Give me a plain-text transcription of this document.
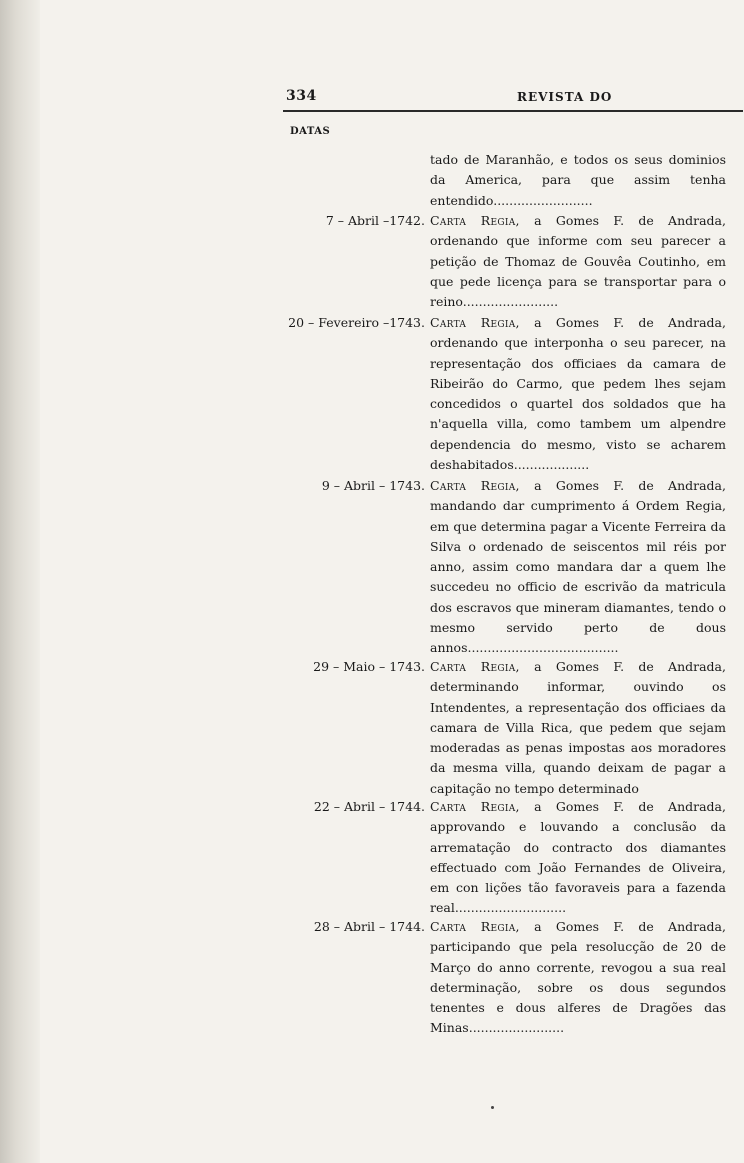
334	REVISTA DO
DATAS
tado de Maranhão, e todos os seus dominios da America, para que assim tenha entendido.........................
7 – Abril –1742. Carta Regia, a Gomes F. de Andrada, ordenando que informe com seu parecer a petição de Thomaz de Gouvêa Coutinho, em que pede licença para se transportar para o reino........................
20 – Fevereiro –1743. Carta Regia, a Gomes F. de Andrada, ordenando que interponha o seu parecer, na representação dos officiaes da camara de Ribeirão do Carmo, que pedem lhes sejam concedidos o quartel dos soldados que ha n'aquella villa, como tambem um alpendre dependencia do mesmo, visto se acharem deshabitados...................
9 – Abril – 1743. Carta Regia, a Gomes F. de Andrada, mandando dar cumprimento á Ordem Regia, em que determina pagar a Vicente Ferreira da Silva o ordenado de seiscentos mil réis por anno, assim como mandara dar a quem lhe succedeu no officio de escrivão da matricula dos escravos que mineram diamantes, tendo o mesmo servido perto de dous annos......................................
29 – Maio – 1743. Carta Regia, a Gomes F. de Andrada, determinando informar, ouvindo os Intendentes, a representação dos officiaes da camara de Villa Rica, que pedem que sejam moderadas as penas impostas aos moradores da mesma villa, quando deixam de pagar a capitação no tempo determinado
22 – Abril – 1744. Carta Regia, a Gomes F. de Andrada, approvando e louvando a conclusão da arrematação do contracto dos diamantes effectuado com João Fernandes de Oliveira, em con lições tão favoraveis para a fazenda real............................
28 – Abril – 1744. Carta Regia, a Gomes F. de Andrada, participando que pela resolucção de 20 de Março do anno corrente, revogou a sua real determinação, sobre os dous segundos tenentes e dous alferes de Dragões das Minas........................
